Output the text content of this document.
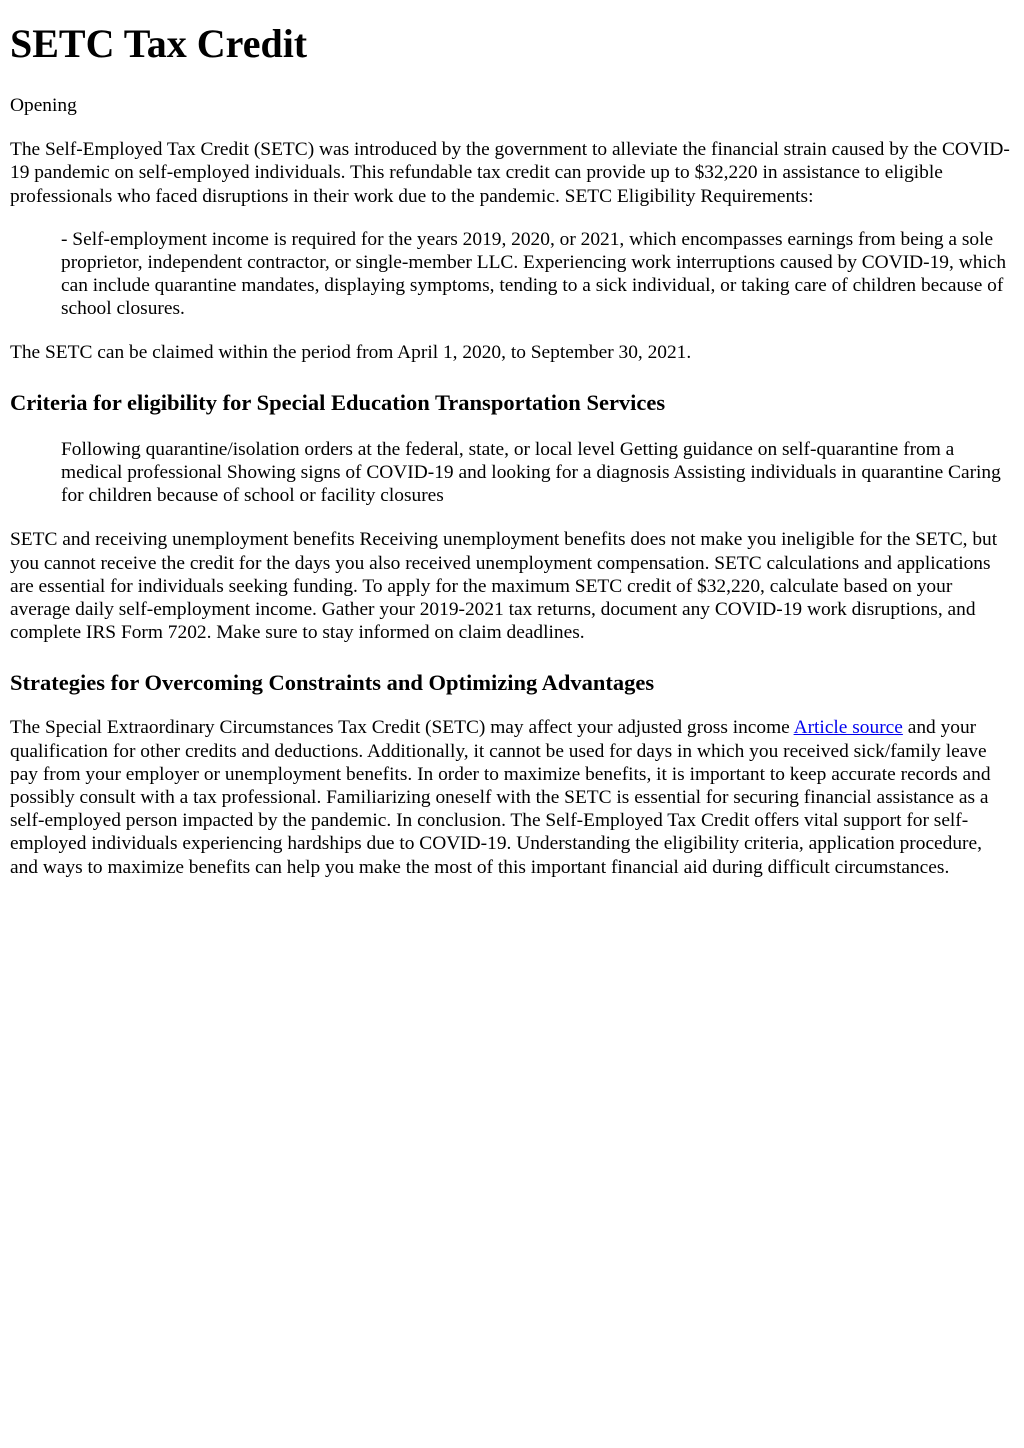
SETC Tax Credit

Opening

The Self-Employed Tax Credit (SETC) was introduced by the government to alleviate the financial strain caused by the COVID-19 pandemic on self-employed individuals. This refundable tax credit can provide up to $32,220 in assistance to eligible professionals who faced disruptions in their work due to the pandemic. SETC Eligibility Requirements:

- Self-employment income is required for the years 2019, 2020, or 2021, which encompasses earnings from being a sole proprietor, independent contractor, or single-member LLC. Experiencing work interruptions caused by COVID-19, which can include quarantine mandates, displaying symptoms, tending to a sick individual, or taking care of children because of school closures.

The SETC can be claimed within the period from April 1, 2020, to September 30, 2021.

Criteria for eligibility for Special Education Transportation Services
Following quarantine/isolation orders at the federal, state, or local level Getting guidance on self-quarantine from a medical professional Showing signs of COVID-19 and looking for a diagnosis Assisting individuals in quarantine Caring for children because of school or facility closures

SETC and receiving unemployment benefits Receiving unemployment benefits does not make you ineligible for the SETC, but you cannot receive the credit for the days you also received unemployment compensation. SETC calculations and applications are essential for individuals seeking funding. To apply for the maximum SETC credit of $32,220, calculate based on your average daily self-employment income. Gather your 2019-2021 tax returns, document any COVID-19 work disruptions, and complete IRS Form 7202. Make sure to stay informed on claim deadlines.

Strategies for Overcoming Constraints and Optimizing Advantages

The Special Extraordinary Circumstances Tax Credit (SETC) may affect your adjusted gross income Article source and your qualification for other credits and deductions. Additionally, it cannot be used for days in which you received sick/family leave pay from your employer or unemployment benefits. In order to maximize benefits, it is important to keep accurate records and possibly consult with a tax professional. Familiarizing oneself with the SETC is essential for securing financial assistance as a self-employed person impacted by the pandemic. In conclusion. The Self-Employed Tax Credit offers vital support for self-employed individuals experiencing hardships due to COVID-19. Understanding the eligibility criteria, application procedure, and ways to maximize benefits can help you make the most of this important financial aid during difficult circumstances.
